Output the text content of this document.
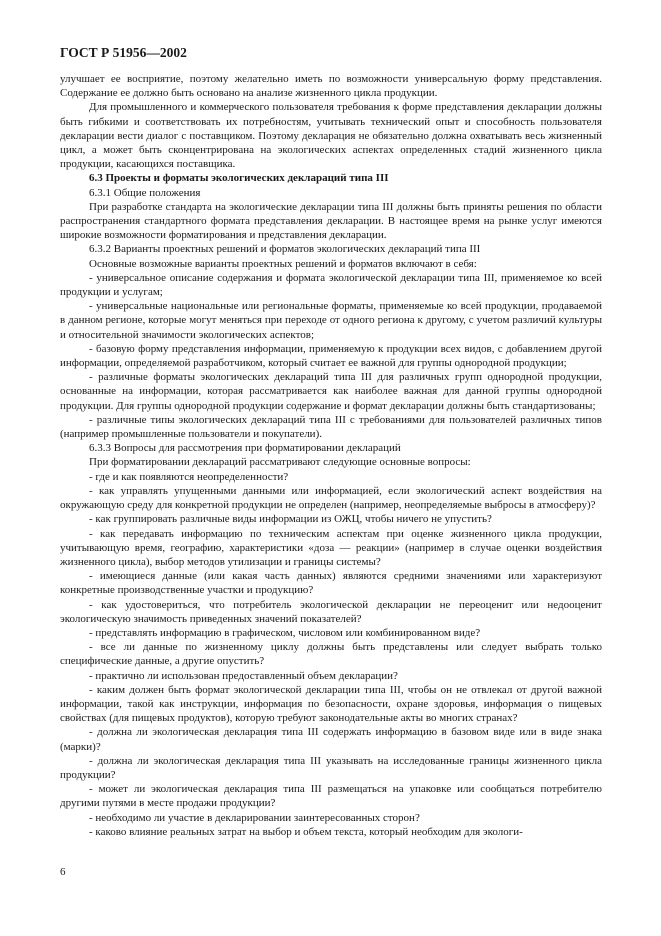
ГОСТ Р 51956—2002

улучшает ее восприятие, поэтому желательно иметь по возможности универсальную форму представления. Содержание ее должно быть основано на анализе жизненного цикла продукции.

Для промышленного и коммерческого пользователя требования к форме представления декларации должны быть гибкими и соответствовать их потребностям, учитывать технический опыт и способность пользователя декларации вести диалог с поставщиком. Поэтому декларация не обязательно должна охватывать весь жизненный цикл, а может быть сконцентрирована на экологических аспектах определенных стадий жизненного цикла продукции, касающихся поставщика.

6.3 Проекты и форматы экологических деклараций типа III

6.3.1 Общие положения

При разработке стандарта на экологические декларации типа III должны быть приняты решения по области распространения стандартного формата представления декларации. В настоящее время на рынке услуг имеются широкие возможности форматирования и представления декларации.

6.3.2 Варианты проектных решений и форматов экологических деклараций типа III

Основные возможные варианты проектных решений и форматов включают в себя:

- универсальное описание содержания и формата экологической декларации типа III, применяемое ко всей продукции и услугам;

- универсальные национальные или региональные форматы, применяемые ко всей продукции, продаваемой в данном регионе, которые могут меняться при переходе от одного региона к другому, с учетом различий культуры и относительной значимости экологических аспектов;

- базовую форму представления информации, применяемую к продукции всех видов, с добавлением другой информации, определяемой разработчиком, который считает ее важной для группы однородной продукции;

- различные форматы экологических деклараций типа III для различных групп однородной продукции, основанные на информации, которая рассматривается как наиболее важная для данной группы однородной продукции. Для группы однородной продукции содержание и формат декларации должны быть стандартизованы;

- различные типы экологических деклараций типа III с требованиями для пользователей различных типов (например промышленные пользователи и покупатели).

6.3.3 Вопросы для рассмотрения при форматировании деклараций

При форматировании деклараций рассматривают следующие основные вопросы:

- где и как появляются неопределенности?

- как управлять упущенными данными или информацией, если экологический аспект воздействия на окружающую среду для конкретной продукции не определен (например, неопределяемые выбросы в атмосферу)?

- как группировать различные виды информации из ОЖЦ, чтобы ничего не упустить?

- как передавать информацию по техническим аспектам при оценке жизненного цикла продукции, учитывающую время, географию, характеристики «доза — реакции» (например в случае оценки воздействия жизненного цикла), выбор методов утилизации и границы системы?

- имеющиеся данные (или какая часть данных) являются средними значениями или характеризуют конкретные производственные участки и продукцию?

- как удостовериться, что потребитель экологической декларации не переоценит или недооценит экологическую значимость приведенных значений показателей?

- представлять информацию в графическом, числовом или комбинированном виде?

- все ли данные по жизненному циклу должны быть представлены или следует выбрать только специфические данные, а другие опустить?

- практично ли использован предоставленный объем декларации?

- каким должен быть формат экологической декларации типа III, чтобы он не отвлекал от другой важной информации, такой как инструкции, информация по безопасности, охране здоровья, информация о пищевых свойствах (для пищевых продуктов), которую требуют законодательные акты во многих странах?

- должна ли экологическая декларация типа III содержать информацию в базовом виде или в виде знака (марки)?

- должна ли экологическая декларация типа III указывать на исследованные границы жизненного цикла продукции?

- может ли экологическая декларация типа III размещаться на упаковке или сообщаться потребителю другими путями в месте продажи продукции?

- необходимо ли участие в декларировании заинтересованных сторон?

- каково влияние реальных затрат на выбор и объем текста, который необходим для экологи-

6
